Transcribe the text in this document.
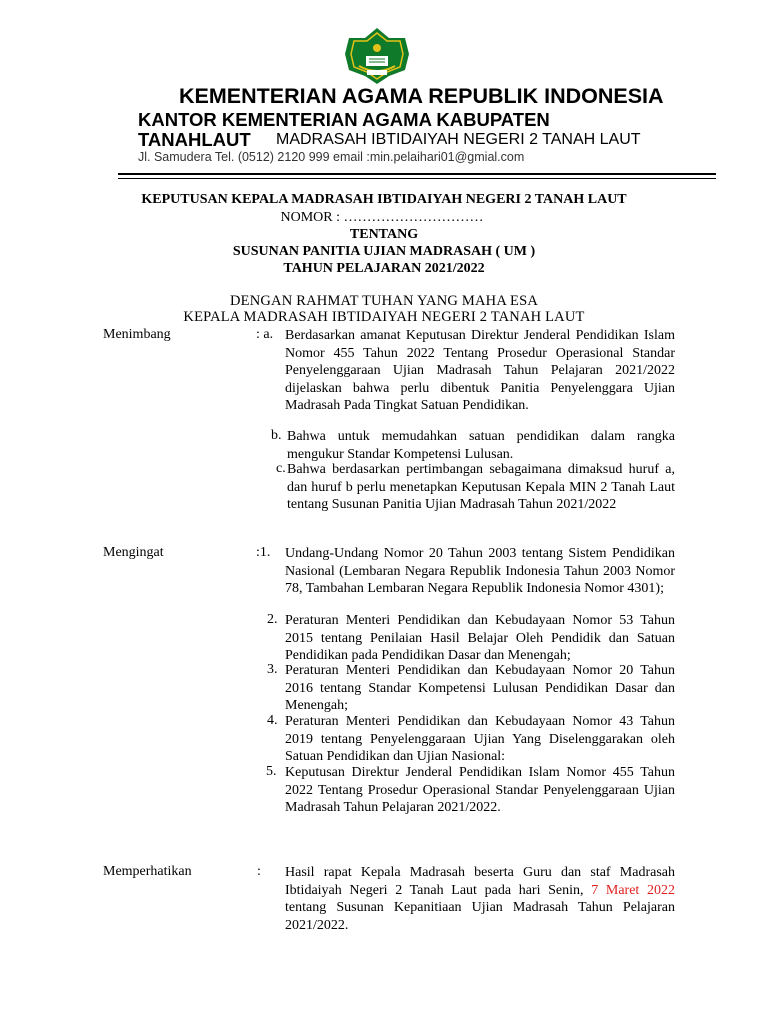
KEMENTERIAN AGAMA REPUBLIK INDONESIA
KANTOR KEMENTERIAN AGAMA KABUPATEN
TANAHLAUT MADRASAH IBTIDAIYAH NEGERI 2 TANAH LAUT
Jl. Samudera Tel. (0512) 2120 999 email :min.pelaihari01@gmial.com
KEPUTUSAN KEPALA MADRASAH IBTIDAIYAH NEGERI 2 TANAH LAUT
NOMOR : …………………………
TENTANG
SUSUNAN PANITIA UJIAN MADRASAH ( UM )
TAHUN PELAJARAN 2021/2022
DENGAN RAHMAT TUHAN YANG MAHA ESA
KEPALA MADRASAH IBTIDAIYAH NEGERI 2 TANAH LAUT
Menimbang	: a. Berdasarkan amanat Keputusan Direktur Jenderal Pendidikan Islam Nomor 455 Tahun 2022 Tentang Prosedur Operasional Standar Penyelenggaraan Ujian Madrasah Tahun Pelajaran 2021/2022 dijelaskan bahwa perlu dibentuk Panitia Penyelenggara Ujian Madrasah Pada Tingkat Satuan Pendidikan.
b. Bahwa untuk memudahkan satuan pendidikan dalam rangka mengukur Standar Kompetensi Lulusan.
c. Bahwa berdasarkan pertimbangan sebagaimana dimaksud huruf a, dan huruf b perlu menetapkan Keputusan Kepala MIN 2 Tanah Laut tentang Susunan Panitia Ujian Madrasah Tahun 2021/2022
Mengingat	:1. Undang-Undang Nomor 20 Tahun 2003 tentang Sistem Pendidikan Nasional (Lembaran Negara Republik Indonesia Tahun 2003 Nomor 78, Tambahan Lembaran Negara Republik Indonesia Nomor 4301);
2. Peraturan Menteri Pendidikan dan Kebudayaan Nomor 53 Tahun 2015 tentang Penilaian Hasil Belajar Oleh Pendidik dan Satuan Pendidikan pada Pendidikan Dasar dan Menengah;
3. Peraturan Menteri Pendidikan dan Kebudayaan Nomor 20 Tahun 2016 tentang Standar Kompetensi Lulusan Pendidikan Dasar dan Menengah;
4. Peraturan Menteri Pendidikan dan Kebudayaan Nomor 43 Tahun 2019 tentang Penyelenggaraan Ujian Yang Diselenggarakan oleh Satuan Pendidikan dan Ujian Nasional:
5. Keputusan Direktur Jenderal Pendidikan Islam Nomor 455 Tahun 2022 Tentang Prosedur Operasional Standar Penyelenggaraan Ujian Madrasah Tahun Pelajaran 2021/2022.
Memperhatikan	: Hasil rapat Kepala Madrasah beserta Guru dan staf Madrasah Ibtidaiyah Negeri 2 Tanah Laut pada hari Senin, 7 Maret 2022 tentang Susunan Kepanitiaan Ujian Madrasah Tahun Pelajaran 2021/2022.
